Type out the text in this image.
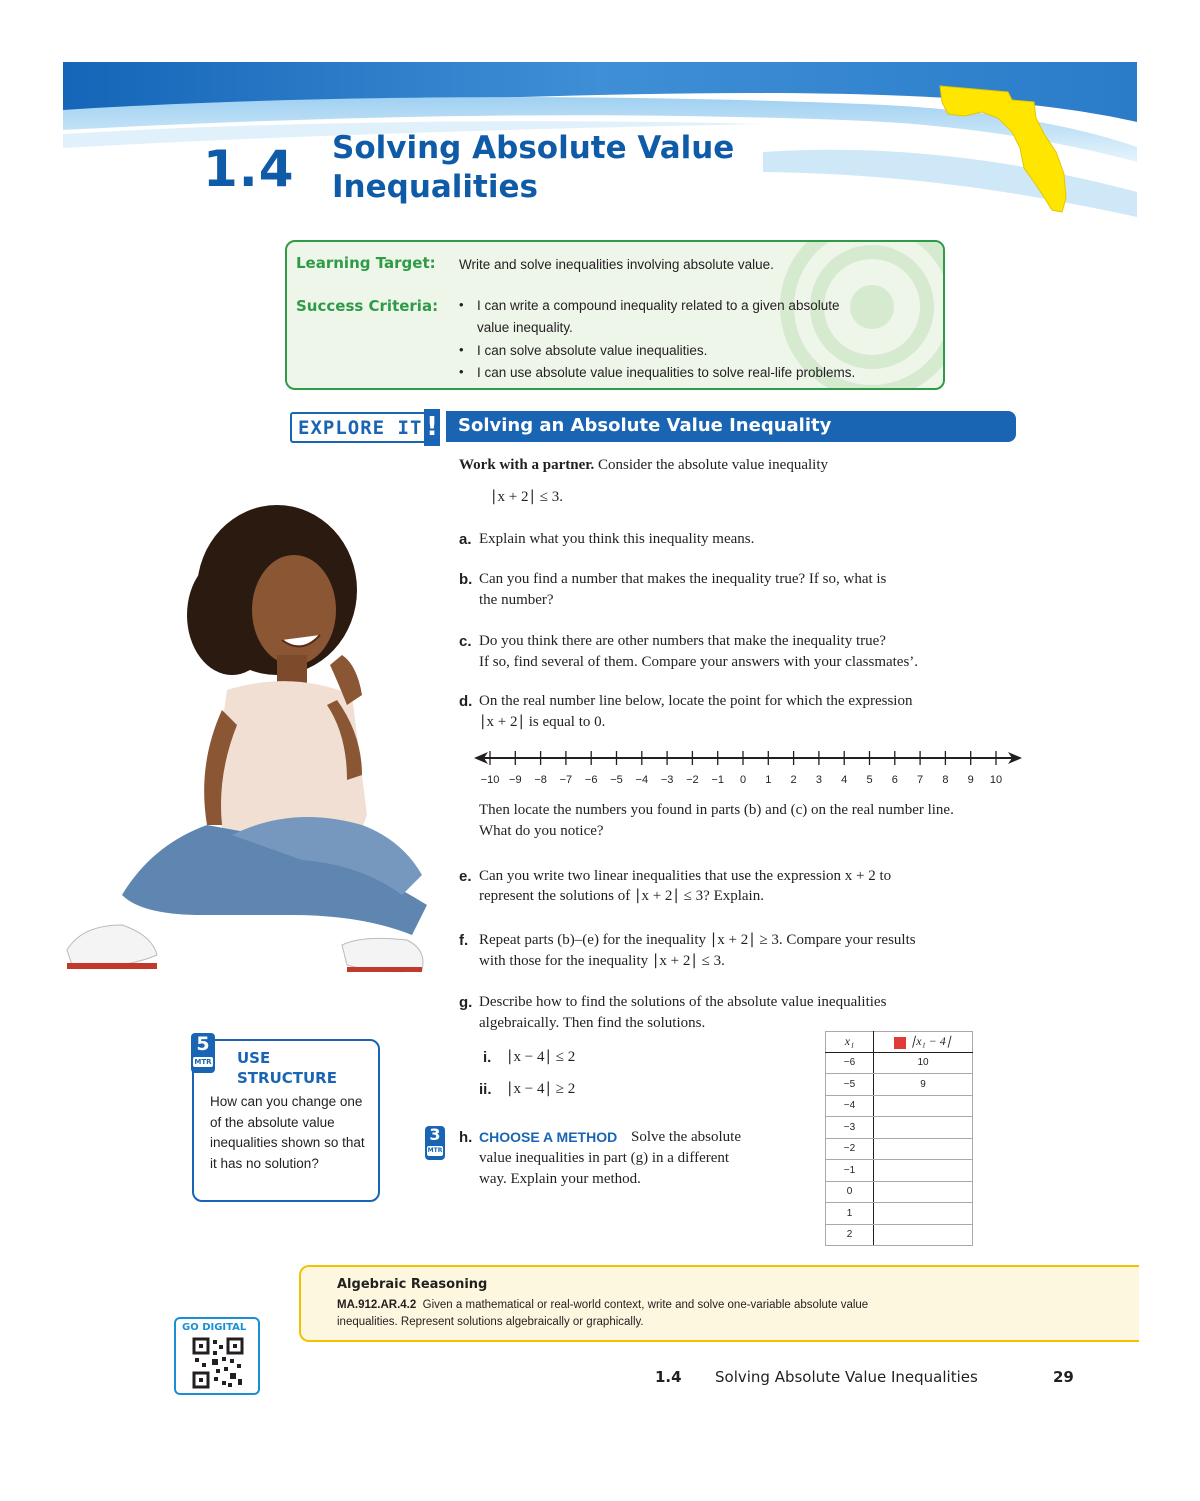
1.4 Solving Absolute Value
Inequalities
Learning Target: Write and solve inequalities involving absolute value.
Success Criteria: • I can write a compound inequality related to a given absolute
value inequality.
• I can solve absolute value inequalities.
• I can use absolute value inequalities to solve real-life problems.
EXPLORE IT ! Solving an Absolute Value Inequality
Work with a partner. Consider the absolute value inequality
∣x + 2∣ ≤ 3.
a. Explain what you think this inequality means.
b. Can you find a number that makes the inequality true? If so, what is
the number?
c. Do you think there are other numbers that make the inequality true?
If so, find several of them. Compare your answers with your classmates’.
d. On the real number line below, locate the point for which the expression
∣x + 2∣ is equal to 0.
−10 −9 −8 −7 −6 −5 −4 −3 −2 −1 0 1 2 3 4 5 6 7 8 9 10
Then locate the numbers you found in parts (b) and (c) on the real number line.
What do you notice?
e. Can you write two linear inequalities that use the expression x + 2 to
represent the solutions of ∣x + 2∣ ≤ 3? Explain.
f. Repeat parts (b)–(e) for the inequality ∣x + 2∣ ≥ 3. Compare your results
with those for the inequality ∣x + 2∣ ≤ 3.
g. Describe how to find the solutions of the absolute value inequalities
algebraically. Then find the solutions.
i. ∣x − 4∣ ≤ 2
ii. ∣x − 4∣ ≥ 2
3
MTR
h. CHOOSE A METHOD Solve the absolute
value inequalities in part (g) in a different
way. Explain your method.
x₁	∣x₁ − 4∣
−6	10
−5	9
−4	
−3	
−2	
−1	
0	
1	
2	
5
MTR USE
STRUCTURE
How can you change one of the absolute value inequalities shown so that it has no solution?
Algebraic Reasoning
MA.912.AR.4.2 Given a mathematical or real-world context, write and solve one-variable absolute value
inequalities. Represent solutions algebraically or graphically.
GO DIGITAL
1.4 Solving Absolute Value Inequalities	29
